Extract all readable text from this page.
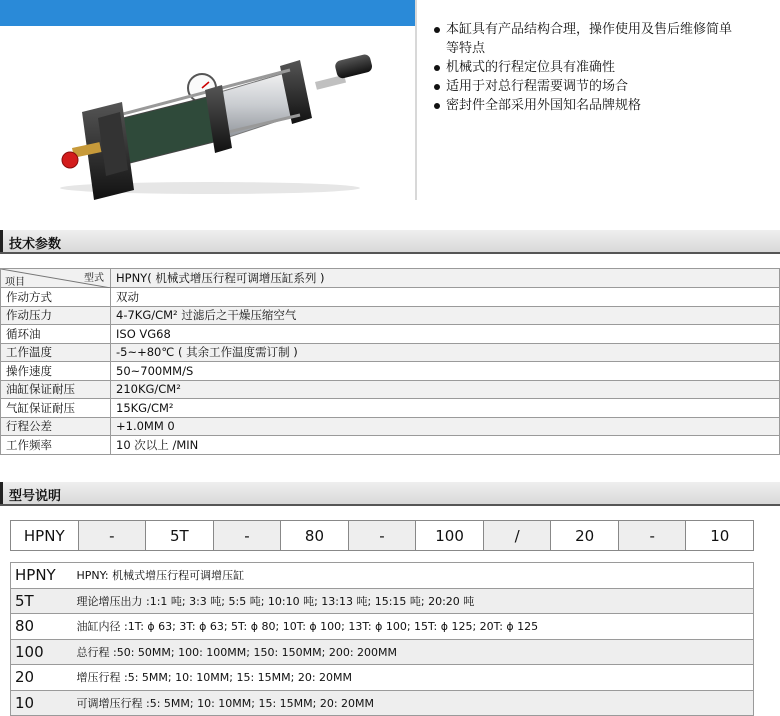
本缸具有产品结构合理，操作使用及售后维修简单
等特点
机械式的行程定位具有准确性
适用于对总行程需要调节的场合
密封件全部采用外国知名品牌规格
技术参数
型式
项目	HPNY( 机械式增压行程可调增压缸系列 )
作动方式	双动
作动压力	4-7KG/CM² 过滤后之干燥压缩空气
循环油	ISO VG68
工作温度	-5~+80℃ ( 其余工作温度需订制 )
操作速度	50~700MM/S
油缸保证耐压	210KG/CM²
气缸保证耐压	15KG/CM²
行程公差	+1.0MM 0
工作频率	10 次以上 /MIN
型号说明
HPNY	-	5T	-	80	-	100	/	20	-	10
HPNY	HPNY: 机械式增压行程可调增压缸
5T	理论增压出力 :1:1 吨; 3:3 吨; 5:5 吨; 10:10 吨; 13:13 吨; 15:15 吨; 20:20 吨
80	油缸内径 :1T: ϕ 63; 3T: ϕ 63; 5T: ϕ 80; 10T: ϕ 100; 13T: ϕ 100; 15T: ϕ 125; 20T: ϕ 125
100	总行程 :50: 50MM; 100: 100MM; 150: 150MM; 200: 200MM
20	增压行程 :5: 5MM; 10: 10MM; 15: 15MM; 20: 20MM
10	可调增压行程 :5: 5MM; 10: 10MM; 15: 15MM; 20: 20MM
